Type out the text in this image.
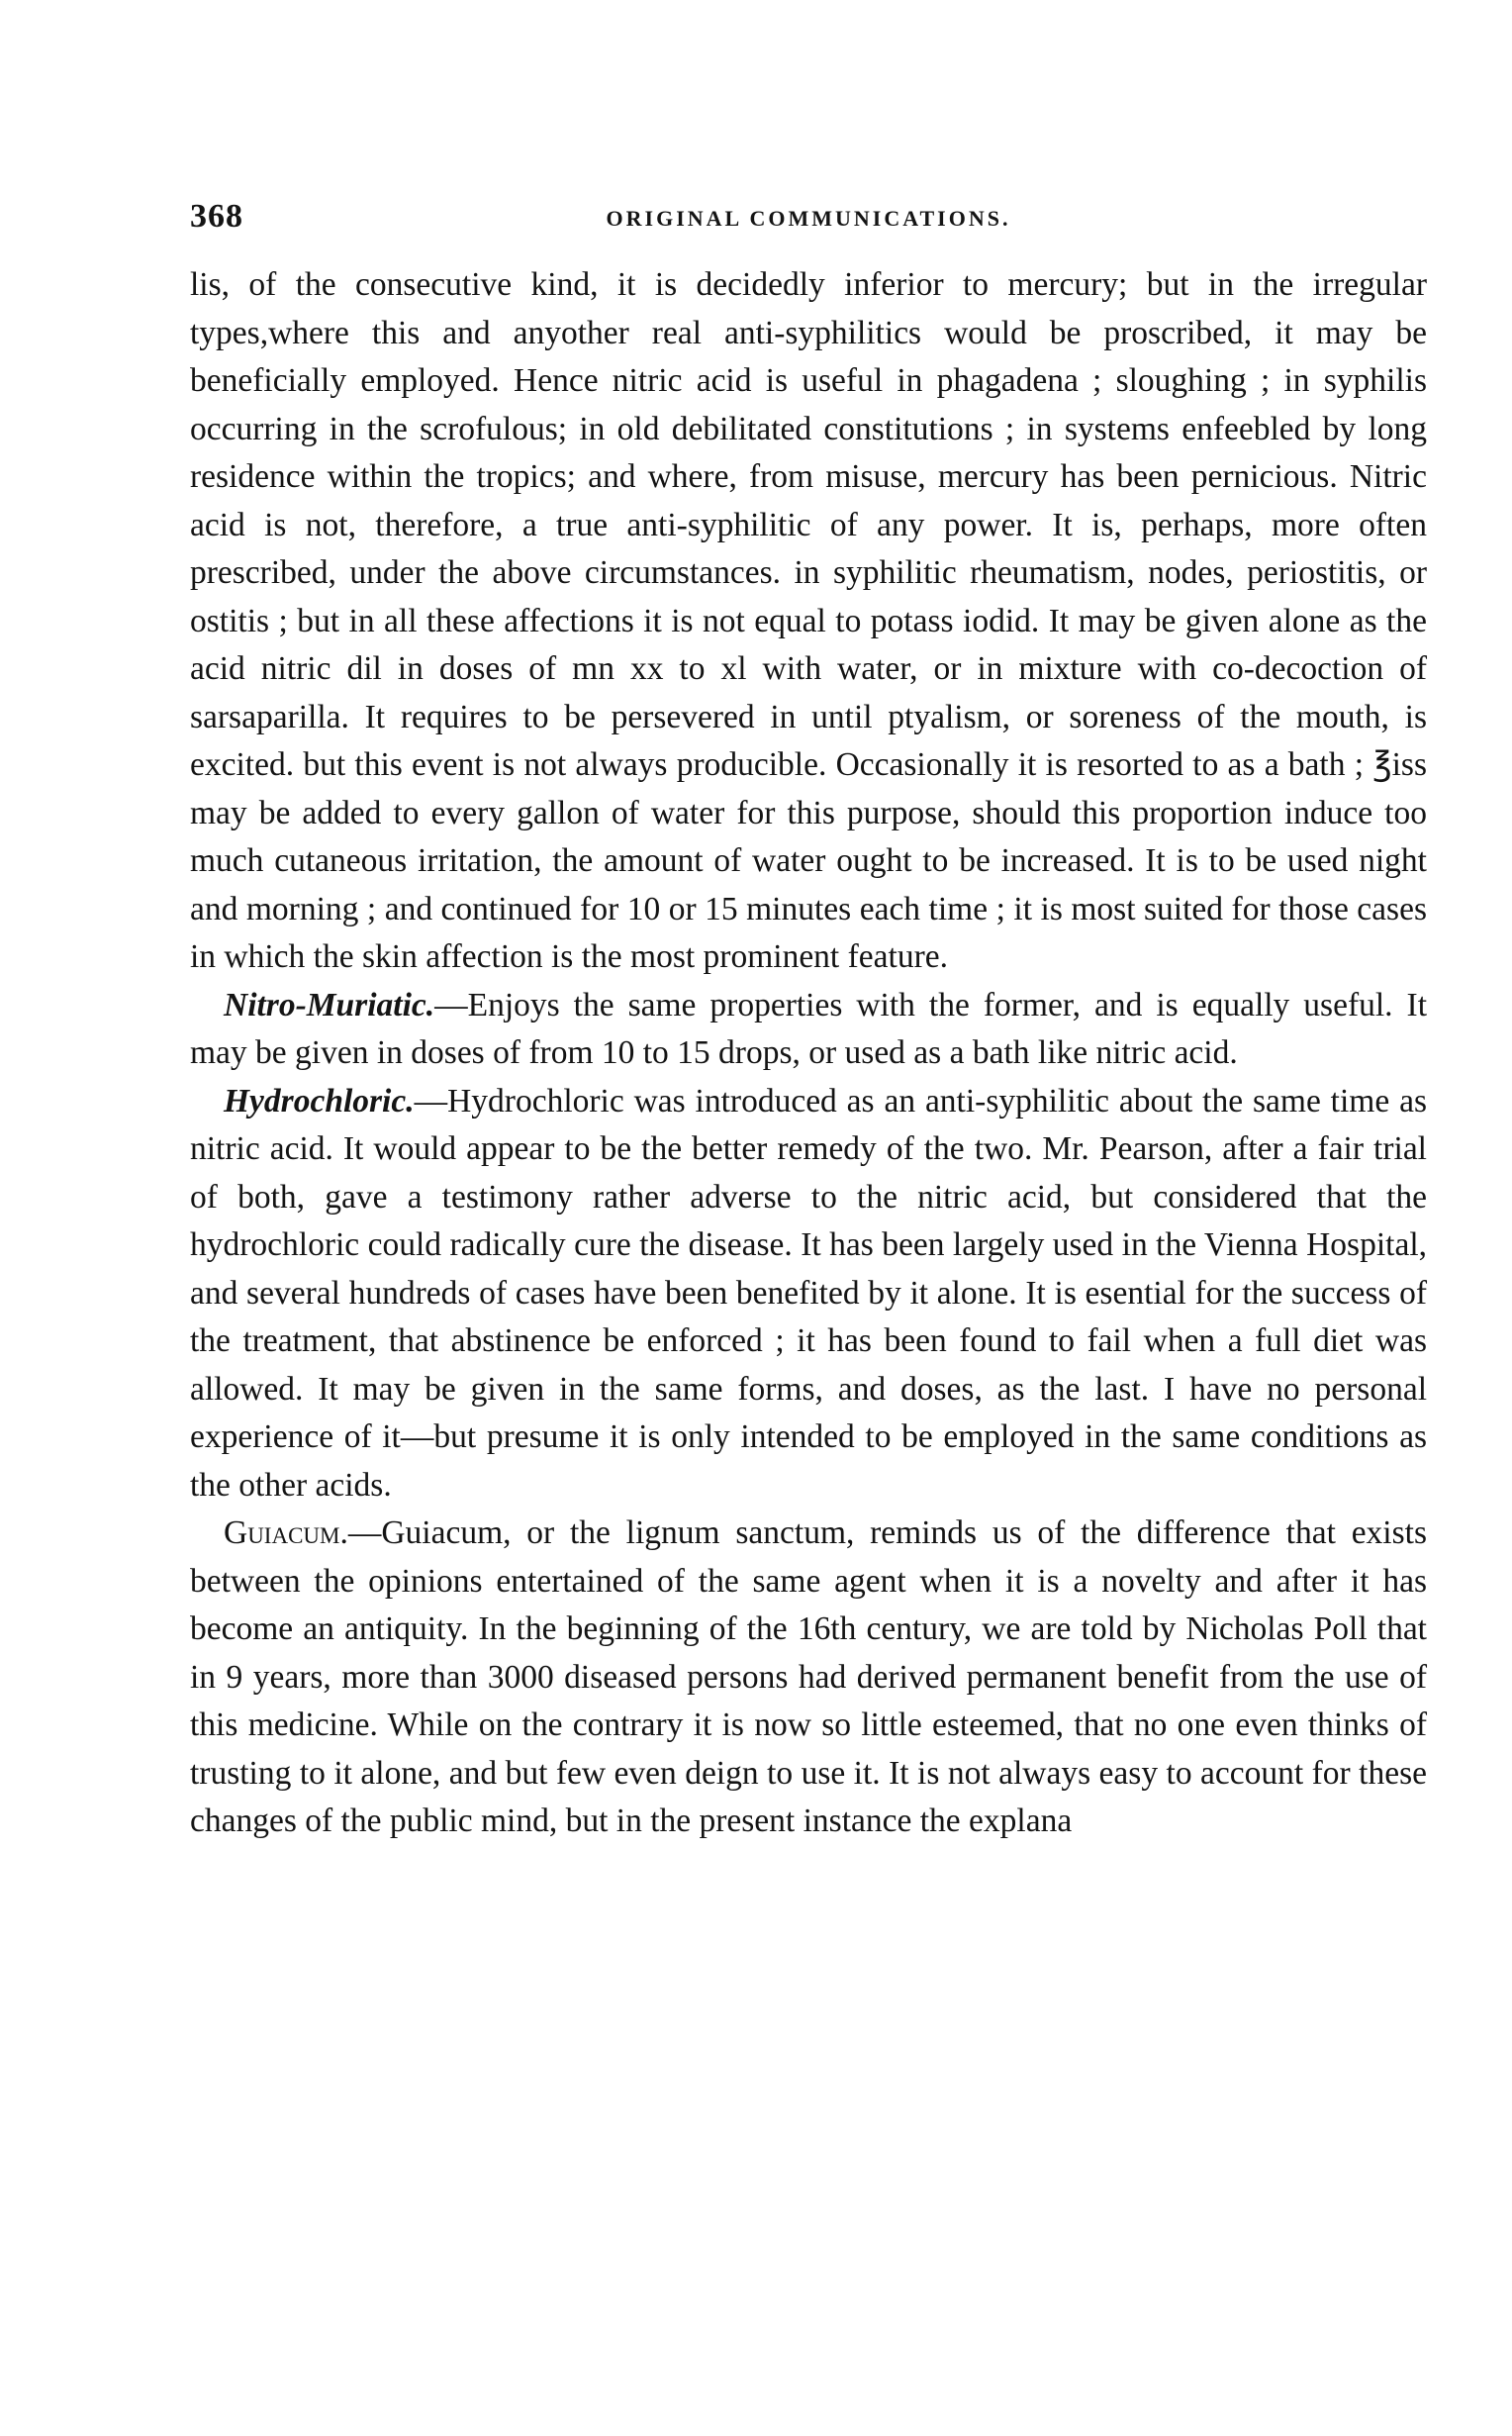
368	ORIGINAL COMMUNICATIONS.

lis, of the consecutive kind, it is decidedly inferior to mercury; but in the irregular types,where this and anyother real anti-syphilitics would be proscribed, it may be beneficially employed. Hence nitric acid is useful in phagadena ; sloughing ; in syphilis occurring in the scrofulous; in old debilitated constitutions ; in systems enfeebled by long residence within the tropics; and where, from misuse, mercury has been pernicious. Nitric acid is not, therefore, a true anti-syphilitic of any power. It is, perhaps, more often prescribed, under the above circumstances. in syphilitic rheumatism, nodes, periostitis, or ostitis ; but in all these affections it is not equal to potass iodid. It may be given alone as the acid nitric dil in doses of mn xx to xl with water, or in mixture with co-decoction of sarsaparilla. It requires to be persevered in until ptyalism, or soreness of the mouth, is excited. but this event is not always producible. Occasionally it is resorted to as a bath ; ℥iss may be added to every gallon of water for this purpose, should this proportion induce too much cutaneous irritation, the amount of water ought to be increased. It is to be used night and morning ; and continued for 10 or 15 minutes each time ; it is most suited for those cases in which the skin affection is the most prominent feature.

Nitro-Muriatic.—Enjoys the same properties with the former, and is equally useful. It may be given in doses of from 10 to 15 drops, or used as a bath like nitric acid.

Hydrochloric.—Hydrochloric was introduced as an anti-syphilitic about the same time as nitric acid. It would appear to be the better remedy of the two. Mr. Pearson, after a fair trial of both, gave a testimony rather adverse to the nitric acid, but considered that the hydrochloric could radically cure the disease. It has been largely used in the Vienna Hospital, and several hundreds of cases have been benefited by it alone. It is esential for the success of the treatment, that abstinence be enforced ; it has been found to fail when a full diet was allowed. It may be given in the same forms, and doses, as the last. I have no personal experience of it—but presume it is only intended to be employed in the same conditions as the other acids.

Guiacum.—Guiacum, or the lignum sanctum, reminds us of the difference that exists between the opinions entertained of the same agent when it is a novelty and after it has become an antiquity. In the beginning of the 16th century, we are told by Nicholas Poll that in 9 years, more than 3000 diseased persons had derived permanent benefit from the use of this medicine. While on the contrary it is now so little esteemed, that no one even thinks of trusting to it alone, and but few even deign to use it. It is not always easy to account for these changes of the public mind, but in the present instance the explana
